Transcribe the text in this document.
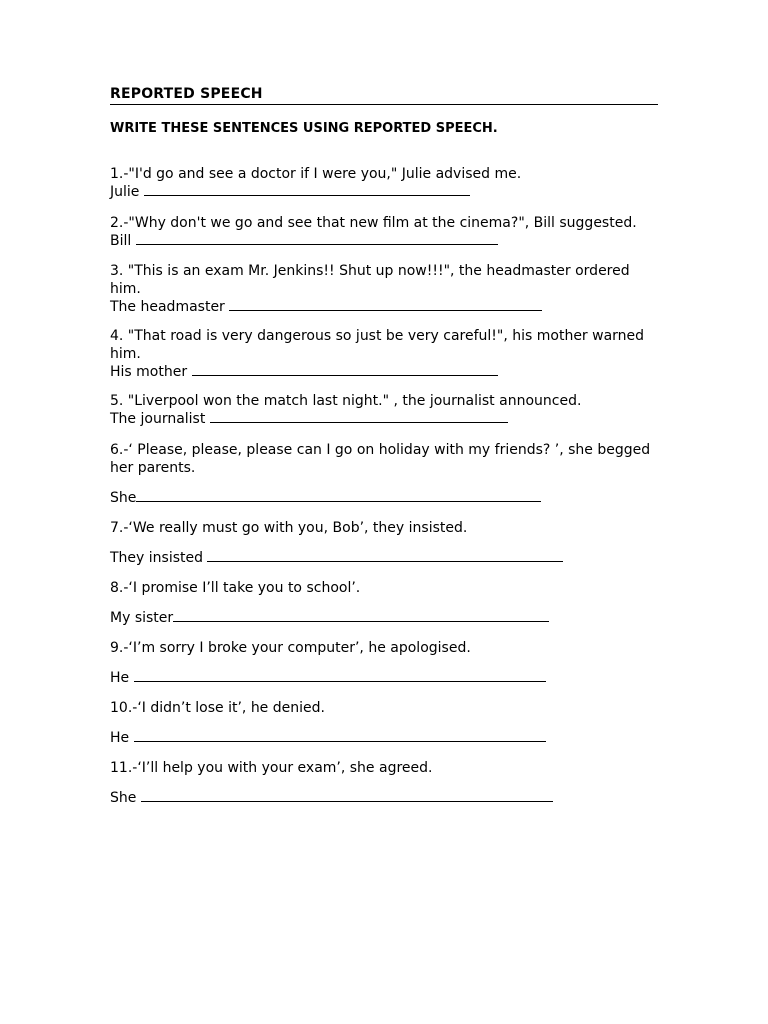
REPORTED SPEECH
WRITE THESE SENTENCES USING REPORTED SPEECH.
1.-"I'd go and see a doctor if I were you," Julie advised me.
Julie
2.-"Why don't we go and see that new film at the cinema?", Bill suggested.
Bill
3. "This is an exam Mr. Jenkins!! Shut up now!!!", the headmaster ordered him.
The headmaster
4. "That road is very dangerous so just be very careful!", his mother warned him.
His mother
5. "Liverpool won the match last night." , the journalist announced.
The journalist
6.-‘ Please, please, please can I go on holiday with my friends? ’, she begged her parents.
She
7.-‘We really must go with you, Bob’, they insisted.
They insisted
8.-‘I promise I’ll take you to school’.
My sister
9.-‘I’m sorry I broke your computer’, he apologised.
He
10.-‘I didn’t lose it’, he denied.
He
11.-‘I’ll help you with your exam’, she agreed.
She
